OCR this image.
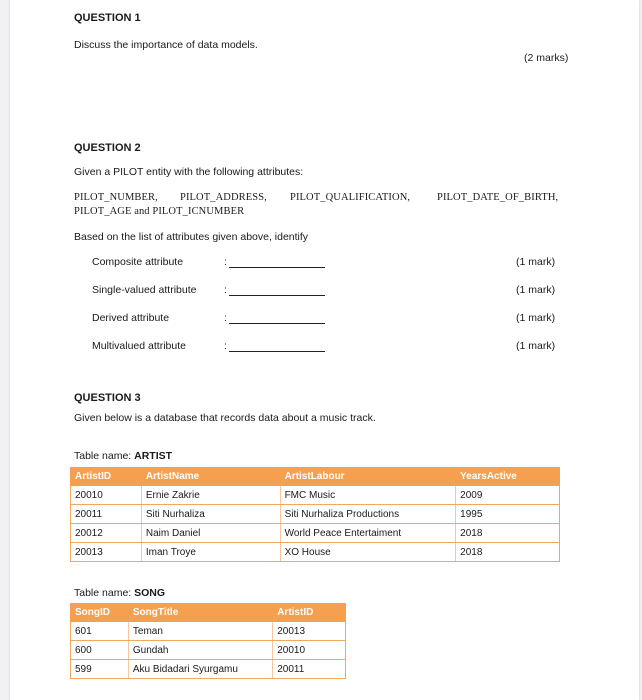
QUESTION 1
Discuss the importance of data models.
(2 marks)
QUESTION 2
Given a PILOT entity with the following attributes:
PILOT_NUMBER, PILOT_ADDRESS, PILOT_QUALIFICATION,	PILOT_DATE_OF_BIRTH,
PILOT_AGE and PILOT_ICNUMBER
Based on the list of attributes given above, identify
Composite attribute	:	(1 mark)
Single-valued attribute	:	(1 mark)
Derived attribute	:	(1 mark)
Multivalued attribute	:	(1 mark)
QUESTION 3
Given below is a database that records data about a music track.
Table name: ARTIST
ArtistID	ArtistName	ArtistLabour	YearsActive
20010	Ernie Zakrie	FMC Music	2009
20011	Siti Nurhaliza	Siti Nurhaliza Productions	1995
20012	Naim Daniel	World Peace Entertaiment	2018
20013	Iman Troye	XO House	2018
Table name: SONG
SongID	SongTitle	ArtistID
601	Teman	20013
600	Gundah	20010
599	Aku Bidadari Syurgamu	20011
